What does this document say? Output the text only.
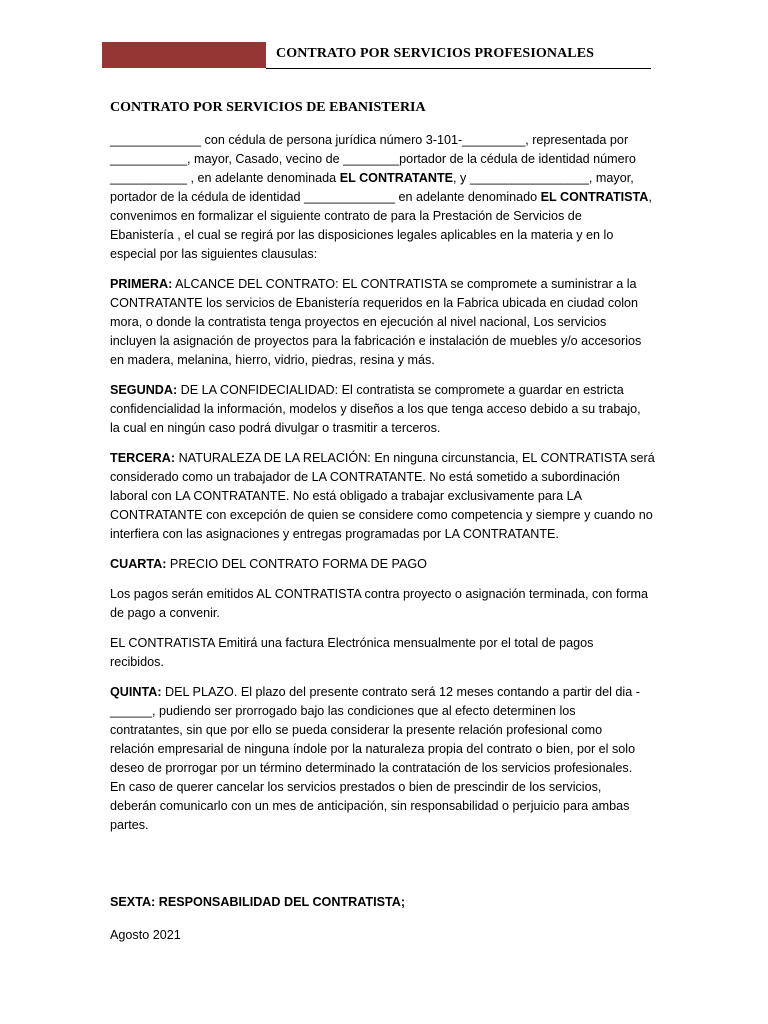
CONTRATO POR SERVICIOS PROFESIONALES
CONTRATO POR SERVICIOS DE EBANISTERIA

_____________ con cédula de persona jurídica número 3-101-_________, representada por
___________, mayor, Casado, vecino de ________portador de la cédula de identidad número
___________ , en adelante denominada EL CONTRATANTE, y _________________, mayor,
portador de la cédula de identidad _____________ en adelante denominado EL CONTRATISTA,
convenimos en formalizar el siguiente contrato de para la Prestación de Servicios de
Ebanistería , el cual se regirá por las disposiciones legales aplicables en la materia y en lo
especial por las siguientes clausulas:

PRIMERA: ALCANCE DEL CONTRATO: EL CONTRATISTA se compromete a suministrar a la
CONTRATANTE los servicios de Ebanistería requeridos en la Fabrica ubicada en ciudad colon
mora, o donde la contratista tenga proyectos en ejecución al nivel nacional, Los servicios
incluyen la asignación de proyectos para la fabricación e instalación de muebles y/o accesorios
en madera, melanina, hierro, vidrio, piedras, resina y más.

SEGUNDA: DE LA CONFIDECIALIDAD: El contratista se compromete a guardar en estricta
confidencialidad la información, modelos y diseños a los que tenga acceso debido a su trabajo,
la cual en ningún caso podrá divulgar o trasmitir a terceros.

TERCERA: NATURALEZA DE LA RELACIÓN: En ninguna circunstancia, EL CONTRATISTA será
considerado como un trabajador de LA CONTRATANTE. No está sometido a subordinación
laboral con LA CONTRATANTE. No está obligado a trabajar exclusivamente para LA
CONTRATANTE con excepción de quien se considere como competencia y siempre y cuando no
interfiera con las asignaciones y entregas programadas por LA CONTRATANTE.

CUARTA: PRECIO DEL CONTRATO FORMA DE PAGO

Los pagos serán emitidos AL CONTRATISTA contra proyecto o asignación terminada, con forma
de pago a convenir.

EL CONTRATISTA Emitirá una factura Electrónica mensualmente por el total de pagos
recibidos.

QUINTA: DEL PLAZO. El plazo del presente contrato será 12 meses contando a partir del dia -
______, pudiendo ser prorrogado bajo las condiciones que al efecto determinen los
contratantes, sin que por ello se pueda considerar la presente relación profesional como
relación empresarial de ninguna índole por la naturaleza propia del contrato o bien, por el solo
deseo de prorrogar por un término determinado la contratación de los servicios profesionales.
En caso de querer cancelar los servicios prestados o bien de prescindir de los servicios,
deberán comunicarlo con un mes de anticipación, sin responsabilidad o perjuicio para ambas
partes.

SEXTA: RESPONSABILIDAD DEL CONTRATISTA;

Agosto 2021
